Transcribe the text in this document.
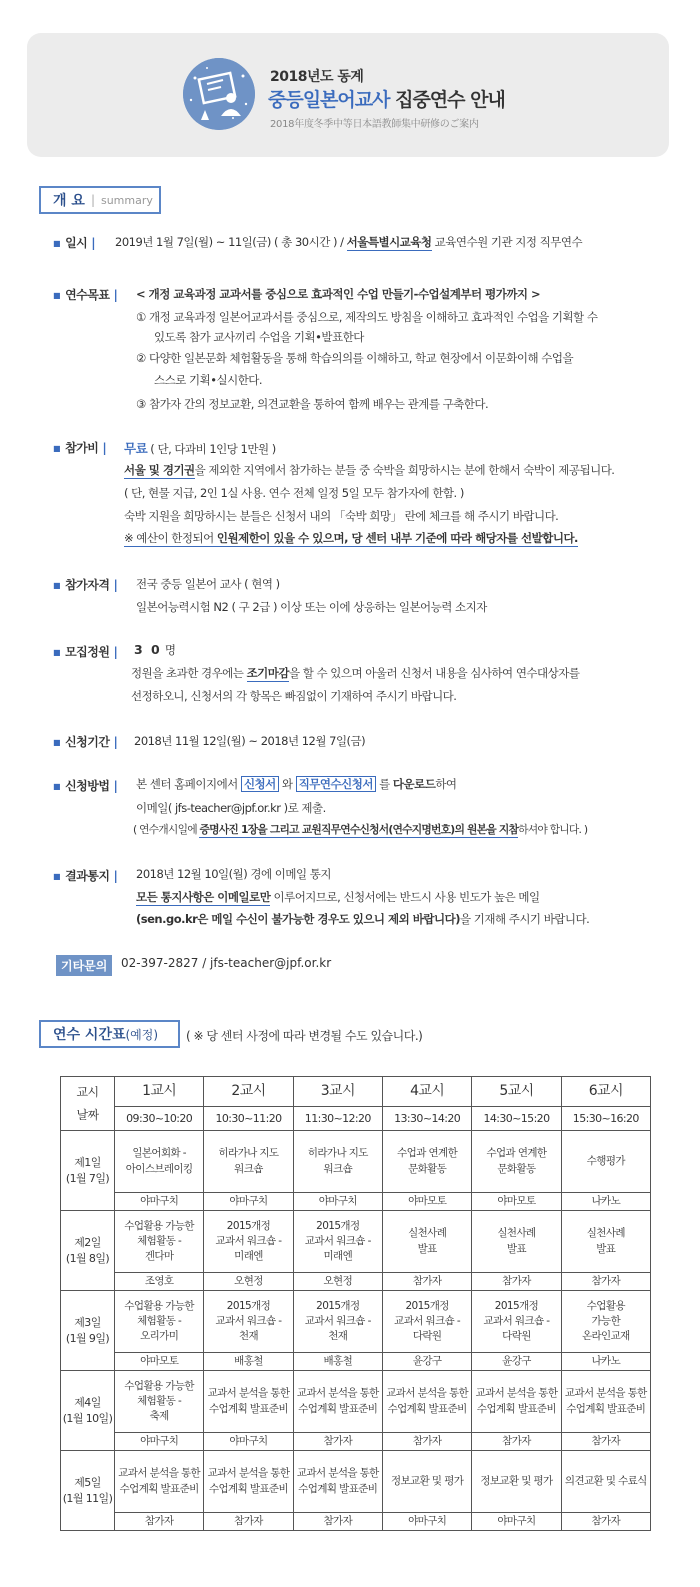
2018년도 동계
중등일본어교사 집중연수 안내
2018年度冬季中等日本語教師集中研修のご案内
개 요 | summary
■ 일시 | 2019년 1월 7일(월) ~ 11일(금) ( 총 30시간 ) / 서울특별시교육청 교육연수원 기관 지정 직무연수
■ 연수목표 | < 개정 교육과정 교과서를 중심으로 효과적인 수업 만들기-수업설계부터 평가까지 >
① 개정 교육과정 일본어교과서를 중심으로, 제작의도 방침을 이해하고 효과적인 수업을 기획할 수
있도록 참가 교사끼리 수업을 기획•발표한다
② 다양한 일본문화 체험활동을 통해 학습의의를 이해하고, 학교 현장에서 이문화이해 수업을
스스로 기획•실시한다.
③ 참가자 간의 정보교환, 의견교환을 통하여 함께 배우는 관계를 구축한다.
■ 참가비 | 무료 ( 단, 다과비 1인당 1만원 )
서울 및 경기권을 제외한 지역에서 참가하는 분들 중 숙박을 희망하시는 분에 한해서 숙박이 제공됩니다.
( 단, 현물 지급, 2인 1실 사용. 연수 전체 일정 5일 모두 참가자에 한함. )
숙박 지원을 희망하시는 분들은 신청서 내의 「숙박 희망」 란에 체크를 해 주시기 바랍니다.
※ 예산이 한정되어 인원제한이 있을 수 있으며, 당 센터 내부 기준에 따라 해당자를 선발합니다.
■ 참가자격 | 전국 중등 일본어 교사 ( 현역 )
일본어능력시험 N2 ( 구 2급 ) 이상 또는 이에 상응하는 일본어능력 소지자
■ 모집정원 | 3 0 명
정원을 초과한 경우에는 조기마감을 할 수 있으며 아울러 신청서 내용을 심사하여 연수대상자를
선정하오니, 신청서의 각 항목은 빠짐없이 기재하여 주시기 바랍니다.
■ 신청기간 | 2018년 11월 12일(월) ~ 2018년 12월 7일(금)
■ 신청방법 | 본 센터 홈페이지에서 신청서 와 직무연수신청서 를 다운로드하여
이메일( jfs-teacher@jpf.or.kr )로 제출.
( 연수개시일에 증명사진 1장을 그리고 교원직무연수신청서(연수지명번호)의 원본을 지참하셔야 합니다. )
■ 결과통지 | 2018년 12월 10일(월) 경에 이메일 통지
모든 통지사항은 이메일로만 이루어지므로, 신청서에는 반드시 사용 빈도가 높은 메일
(sen.go.kr은 메일 수신이 불가능한 경우도 있으니 제외 바랍니다)을 기재해 주시기 바랍니다.
기타문의	02-397-2827 / jfs-teacher@jpf.or.kr
연수 시간표 (예정) ( ※ 당 센터 사정에 따라 변경될 수도 있습니다.)
교시
날짜	1교시	2교시	3교시	4교시	5교시	6교시
	09:30~10:20	10:30~11:20	11:30~12:20	13:30~14:20	14:30~15:20	15:30~16:20
제1일
(1월 7일)	일본어회화 -
아이스브레이킹	히라가나 지도
워크숍	히라가나 지도
워크숍	수업과 연계한
문화활동	수업과 연계한
문화활동	수행평가
	야마구치	야마구치	야마구치	야마모토	야마모토	나카노
제2일
(1월 8일)	수업활용 가능한
체험활동 -
겐다마	2015개정
교과서 워크숍 -
미래엔	2015개정
교과서 워크숍 -
미래엔	실천사례
발표	실천사례
발표	실천사례
발표
	조영호	오현정	오현정	참가자	참가자	참가자
제3일
(1월 9일)	수업활용 가능한
체험활동 -
오리가미	2015개정
교과서 워크숍 -
천재	2015개정
교과서 워크숍 -
천재	2015개정
교과서 워크숍 -
다락원	2015개정
교과서 워크숍 -
다락원	수업활용
가능한
온라인교재
	야마모토	배홍철	배홍철	윤강구	윤강구	나카노
제4일
(1월 10일)	수업활용 가능한
체험활동 -
축제	교과서 분석을 통한
수업계획 발표준비	교과서 분석을 통한
수업계획 발표준비	교과서 분석을 통한
수업계획 발표준비	교과서 분석을 통한
수업계획 발표준비	교과서 분석을 통한
수업계획 발표준비
	야마구치	야마구치	참가자	참가자	참가자	참가자
제5일
(1월 11일)	교과서 분석을 통한
수업계획 발표준비	교과서 분석을 통한
수업계획 발표준비	교과서 분석을 통한
수업계획 발표준비	정보교환 및 평가	정보교환 및 평가	의견교환 및 수료식
	참가자	참가자	참가자	야마구치	야마구치	참가자
